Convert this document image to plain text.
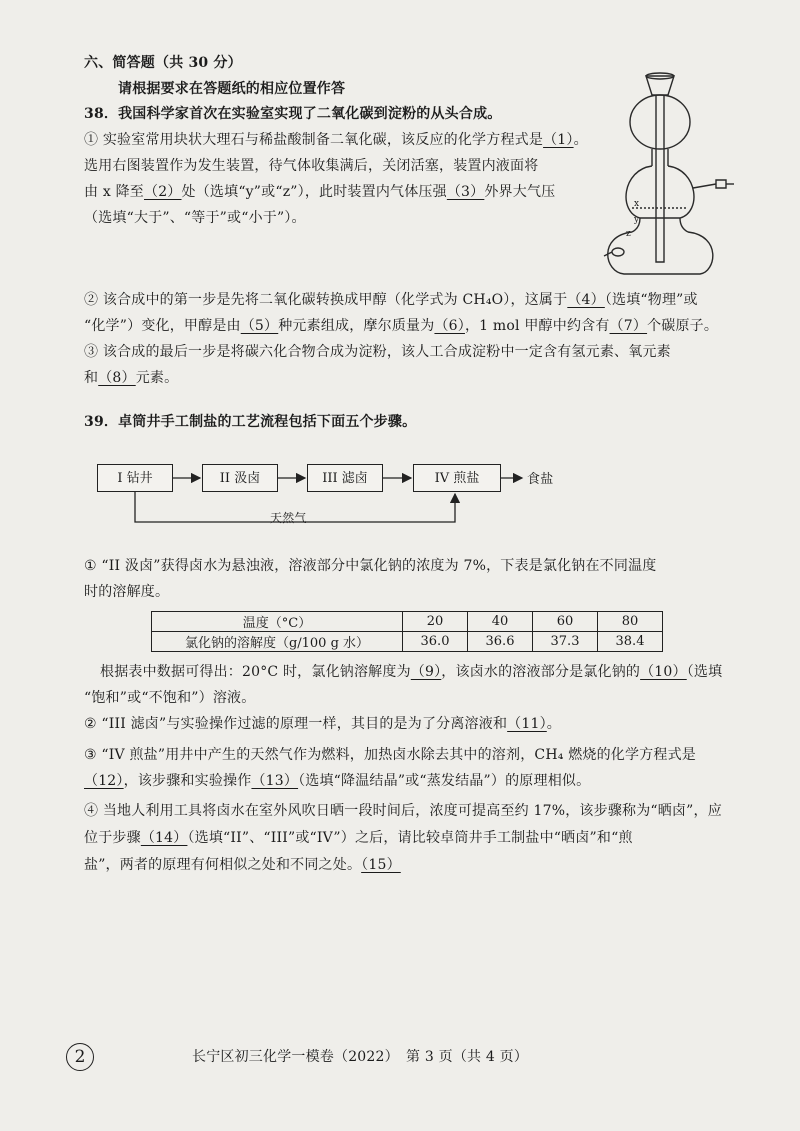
六、简答题（共 30 分）
请根据要求在答题纸的相应位置作答
38．我国科学家首次在实验室实现了二氧化碳到淀粉的从头合成。
① 实验室常用块状大理石与稀盐酸制备二氧化碳，该反应的化学方程式是（1）。
选用右图装置作为发生装置，待气体收集满后，关闭活塞，装置内液面将
由 x 降至（2）处（选填“y”或“z”），此时装置内气体压强（3）外界大气压
（选填“大于”、“等于”或“小于”）。
x
y
z
② 该合成中的第一步是先将二氧化碳转换成甲醇（化学式为 CH₄O），这属于（4）（选填“物理”或
“化学”）变化，甲醇是由（5）种元素组成，摩尔质量为（6），1 mol 甲醇中约含有（7）个碳原子。
③ 该合成的最后一步是将碳六化合物合成为淀粉，该人工合成淀粉中一定含有氢元素、氧元素
和（8）元素。
39．卓筒井手工制盐的工艺流程包括下面五个步骤。
I 钻井	II 汲卤	III 滤卤	IV 煎盐	食盐
天然气
① “II 汲卤”获得卤水为悬浊液，溶液部分中氯化钠的浓度为 7%，下表是氯化钠在不同温度
时的溶解度。
温度（°C）	20	40	60	80
氯化钠的溶解度（g/100 g 水）	36.0	36.6	37.3	38.4
根据表中数据可得出：20°C 时，氯化钠溶解度为（9），该卤水的溶液部分是氯化钠的（10）（选填
“饱和”或“不饱和”）溶液。
② “III 滤卤”与实验操作过滤的原理一样，其目的是为了分离溶液和（11）。
③ “IV 煎盐”用井中产生的天然气作为燃料，加热卤水除去其中的溶剂，CH₄ 燃烧的化学方程式是
（12），该步骤和实验操作（13）（选填“降温结晶”或“蒸发结晶”）的原理相似。
④ 当地人利用工具将卤水在室外风吹日晒一段时间后，浓度可提高至约 17%，该步骤称为“晒卤”，应
位于步骤（14）（选填“II”、“III”或“IV”）之后，请比较卓筒井手工制盐中“晒卤”和“煎
盐”，两者的原理有何相似之处和不同之处。（15）
2	长宁区初三化学一模卷（2022）　第 3 页（共 4 页）
